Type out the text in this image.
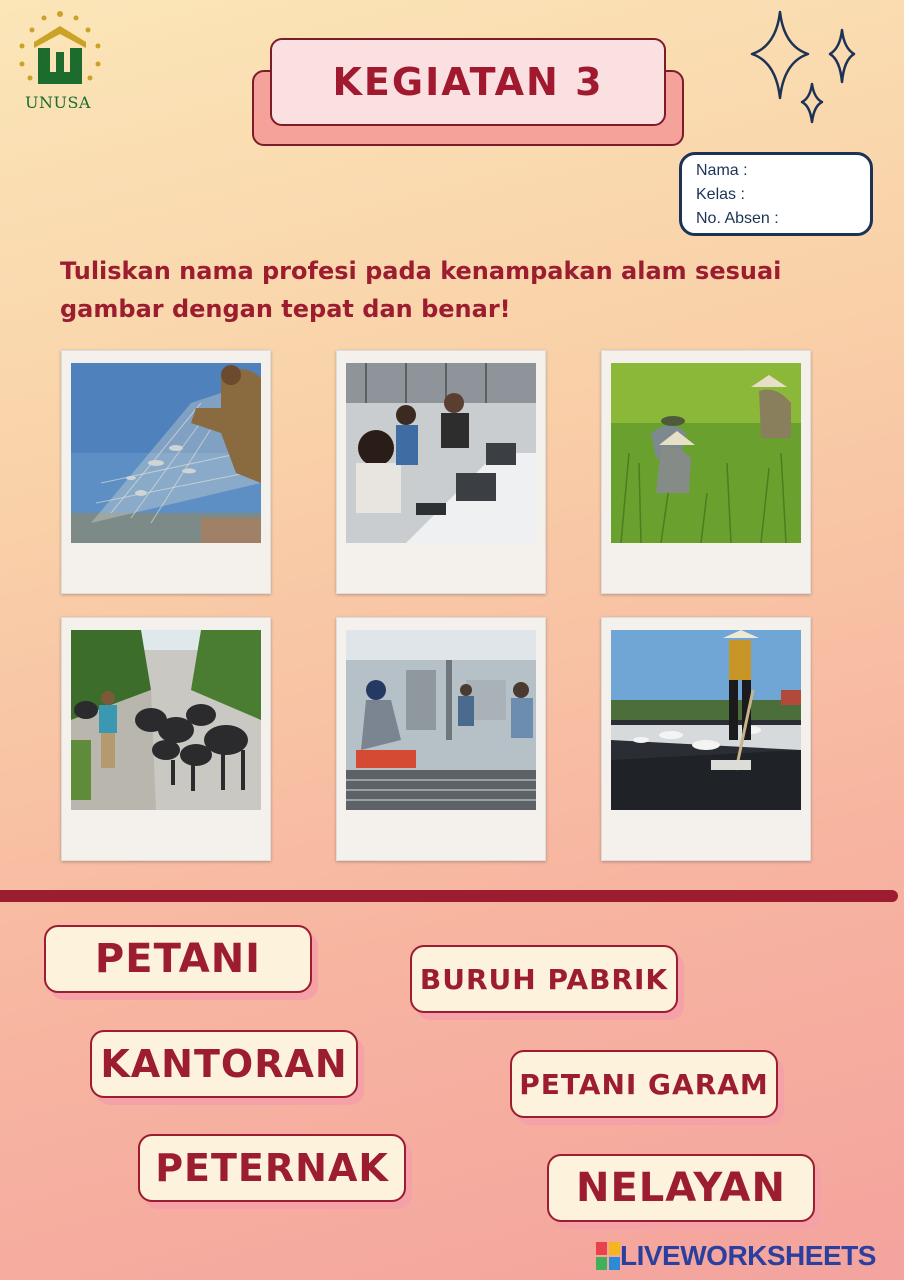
UNUSA	KEGIATAN 3
Nama :
Kelas :
No. Absen :
Tuliskan nama profesi pada kenampakan alam sesuai gambar dengan tepat dan benar!
PETANI	BURUH PABRIK
KANTORAN	PETANI GARAM
PETERNAK	NELAYAN
LIVEWORKSHEETS
